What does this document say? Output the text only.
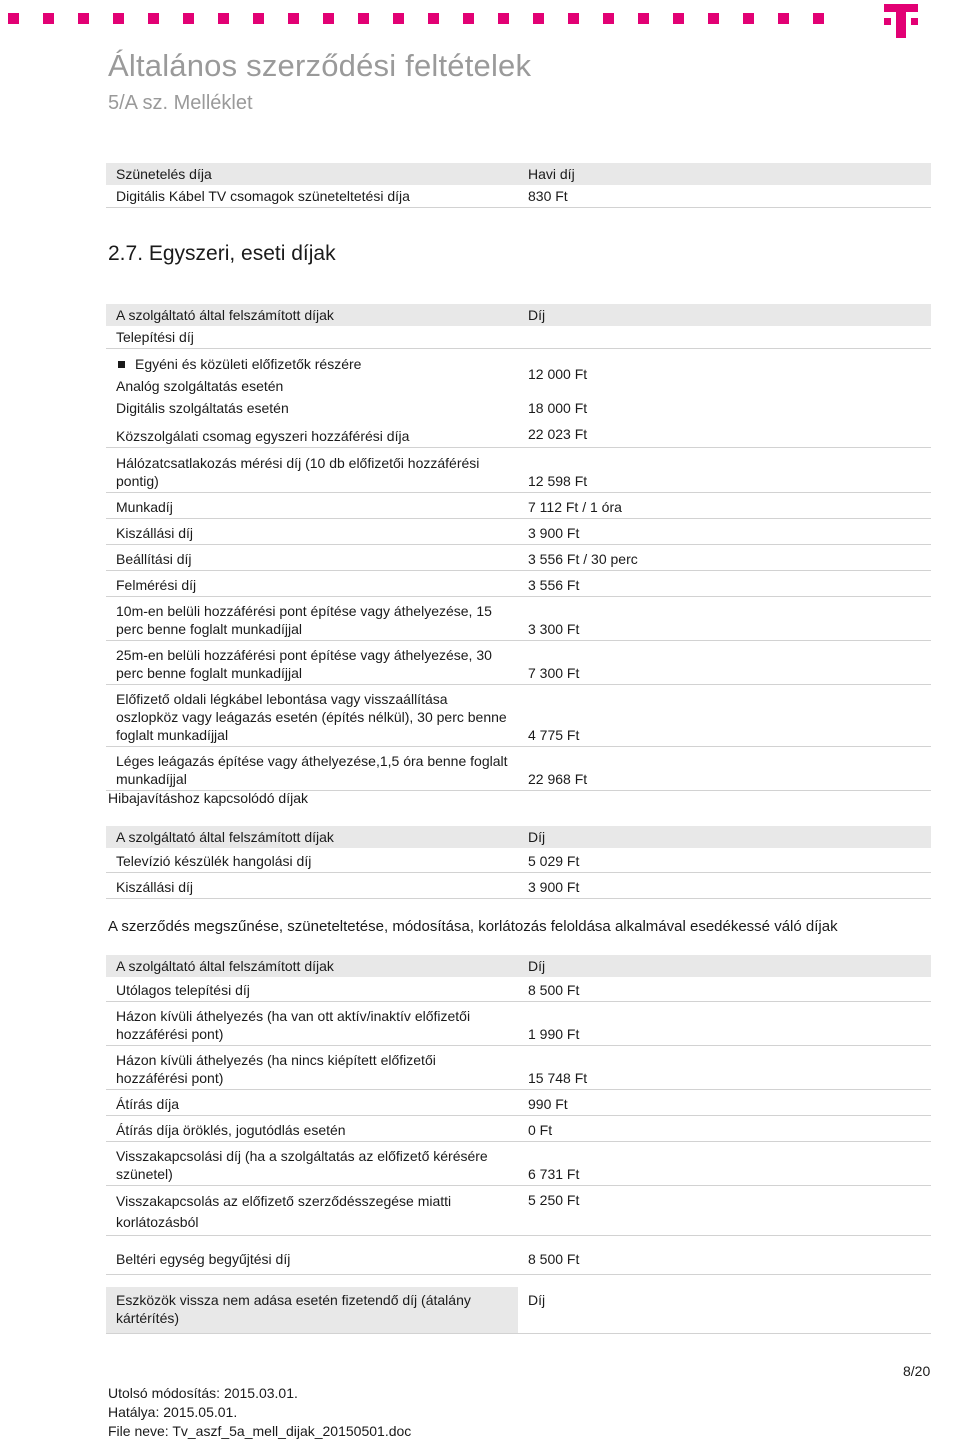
Általános szerződési feltételek
5/A sz. Melléklet
Szünetelés díja	Havi díj
Digitális Kábel TV csomagok szüneteltetési díja	830 Ft
2.7. Egyszeri, eseti díjak
A szolgáltató által felszámított díjak	Díj
Telepítési díj	
Egyéni és közületi előfizetők részére	
Analóg szolgáltatás esetén	12 000 Ft
Digitális szolgáltatás esetén	18 000 Ft
Közszolgálati csomag egyszeri hozzáférési díja	22 023 Ft
Hálózatcsatlakozás mérési díj (10 db előfizetői hozzáférési pontig)	12 598 Ft
Munkadíj	7 112 Ft / 1 óra
Kiszállási díj	3 900 Ft
Beállítási díj	3 556 Ft / 30 perc
Felmérési díj	3 556 Ft
10m-en belüli hozzáférési pont építése vagy áthelyezése, 15 perc benne foglalt munkadíjjal	3 300 Ft
25m-en belüli hozzáférési pont építése vagy áthelyezése, 30 perc benne foglalt munkadíjjal	7 300 Ft
Előfizető oldali légkábel lebontása vagy visszaállítása oszlopköz vagy leágazás esetén (építés nélkül), 30 perc benne foglalt munkadíjjal	4 775 Ft
Léges leágazás építése vagy áthelyezése,1,5 óra benne foglalt munkadíjjal	22 968 Ft
Hibajavításhoz kapcsolódó díjak
A szolgáltató által felszámított díjak	Díj
Televízió készülék hangolási díj	5 029 Ft
Kiszállási díj	3 900 Ft
A szerződés megszűnése, szüneteltetése, módosítása, korlátozás feloldása alkalmával esedékessé váló díjak
A szolgáltató által felszámított díjak	Díj
Utólagos telepítési díj	8 500 Ft
Házon kívüli áthelyezés (ha van ott aktív/inaktív előfizetői hozzáférési pont)	1 990 Ft
Házon kívüli áthelyezés (ha nincs kiépített előfizetői hozzáférési pont)	15 748 Ft
Átírás díja	990 Ft
Átírás díja öröklés, jogutódlás esetén	0 Ft
Visszakapcsolási díj (ha a szolgáltatás az előfizető kérésére szünetel)	6 731 Ft
Visszakapcsolás az előfizető szerződésszegése miatti korlátozásból	5 250 Ft
Beltéri egység begyűjtési díj	8 500 Ft

Eszközök vissza nem adása esetén fizetendő díj (átalány kártérítés)	Díj
Utolsó módosítás: 2015.03.01.
Hatálya: 2015.05.01.
File neve: Tv_aszf_5a_mell_dijak_20150501.doc
8/20
